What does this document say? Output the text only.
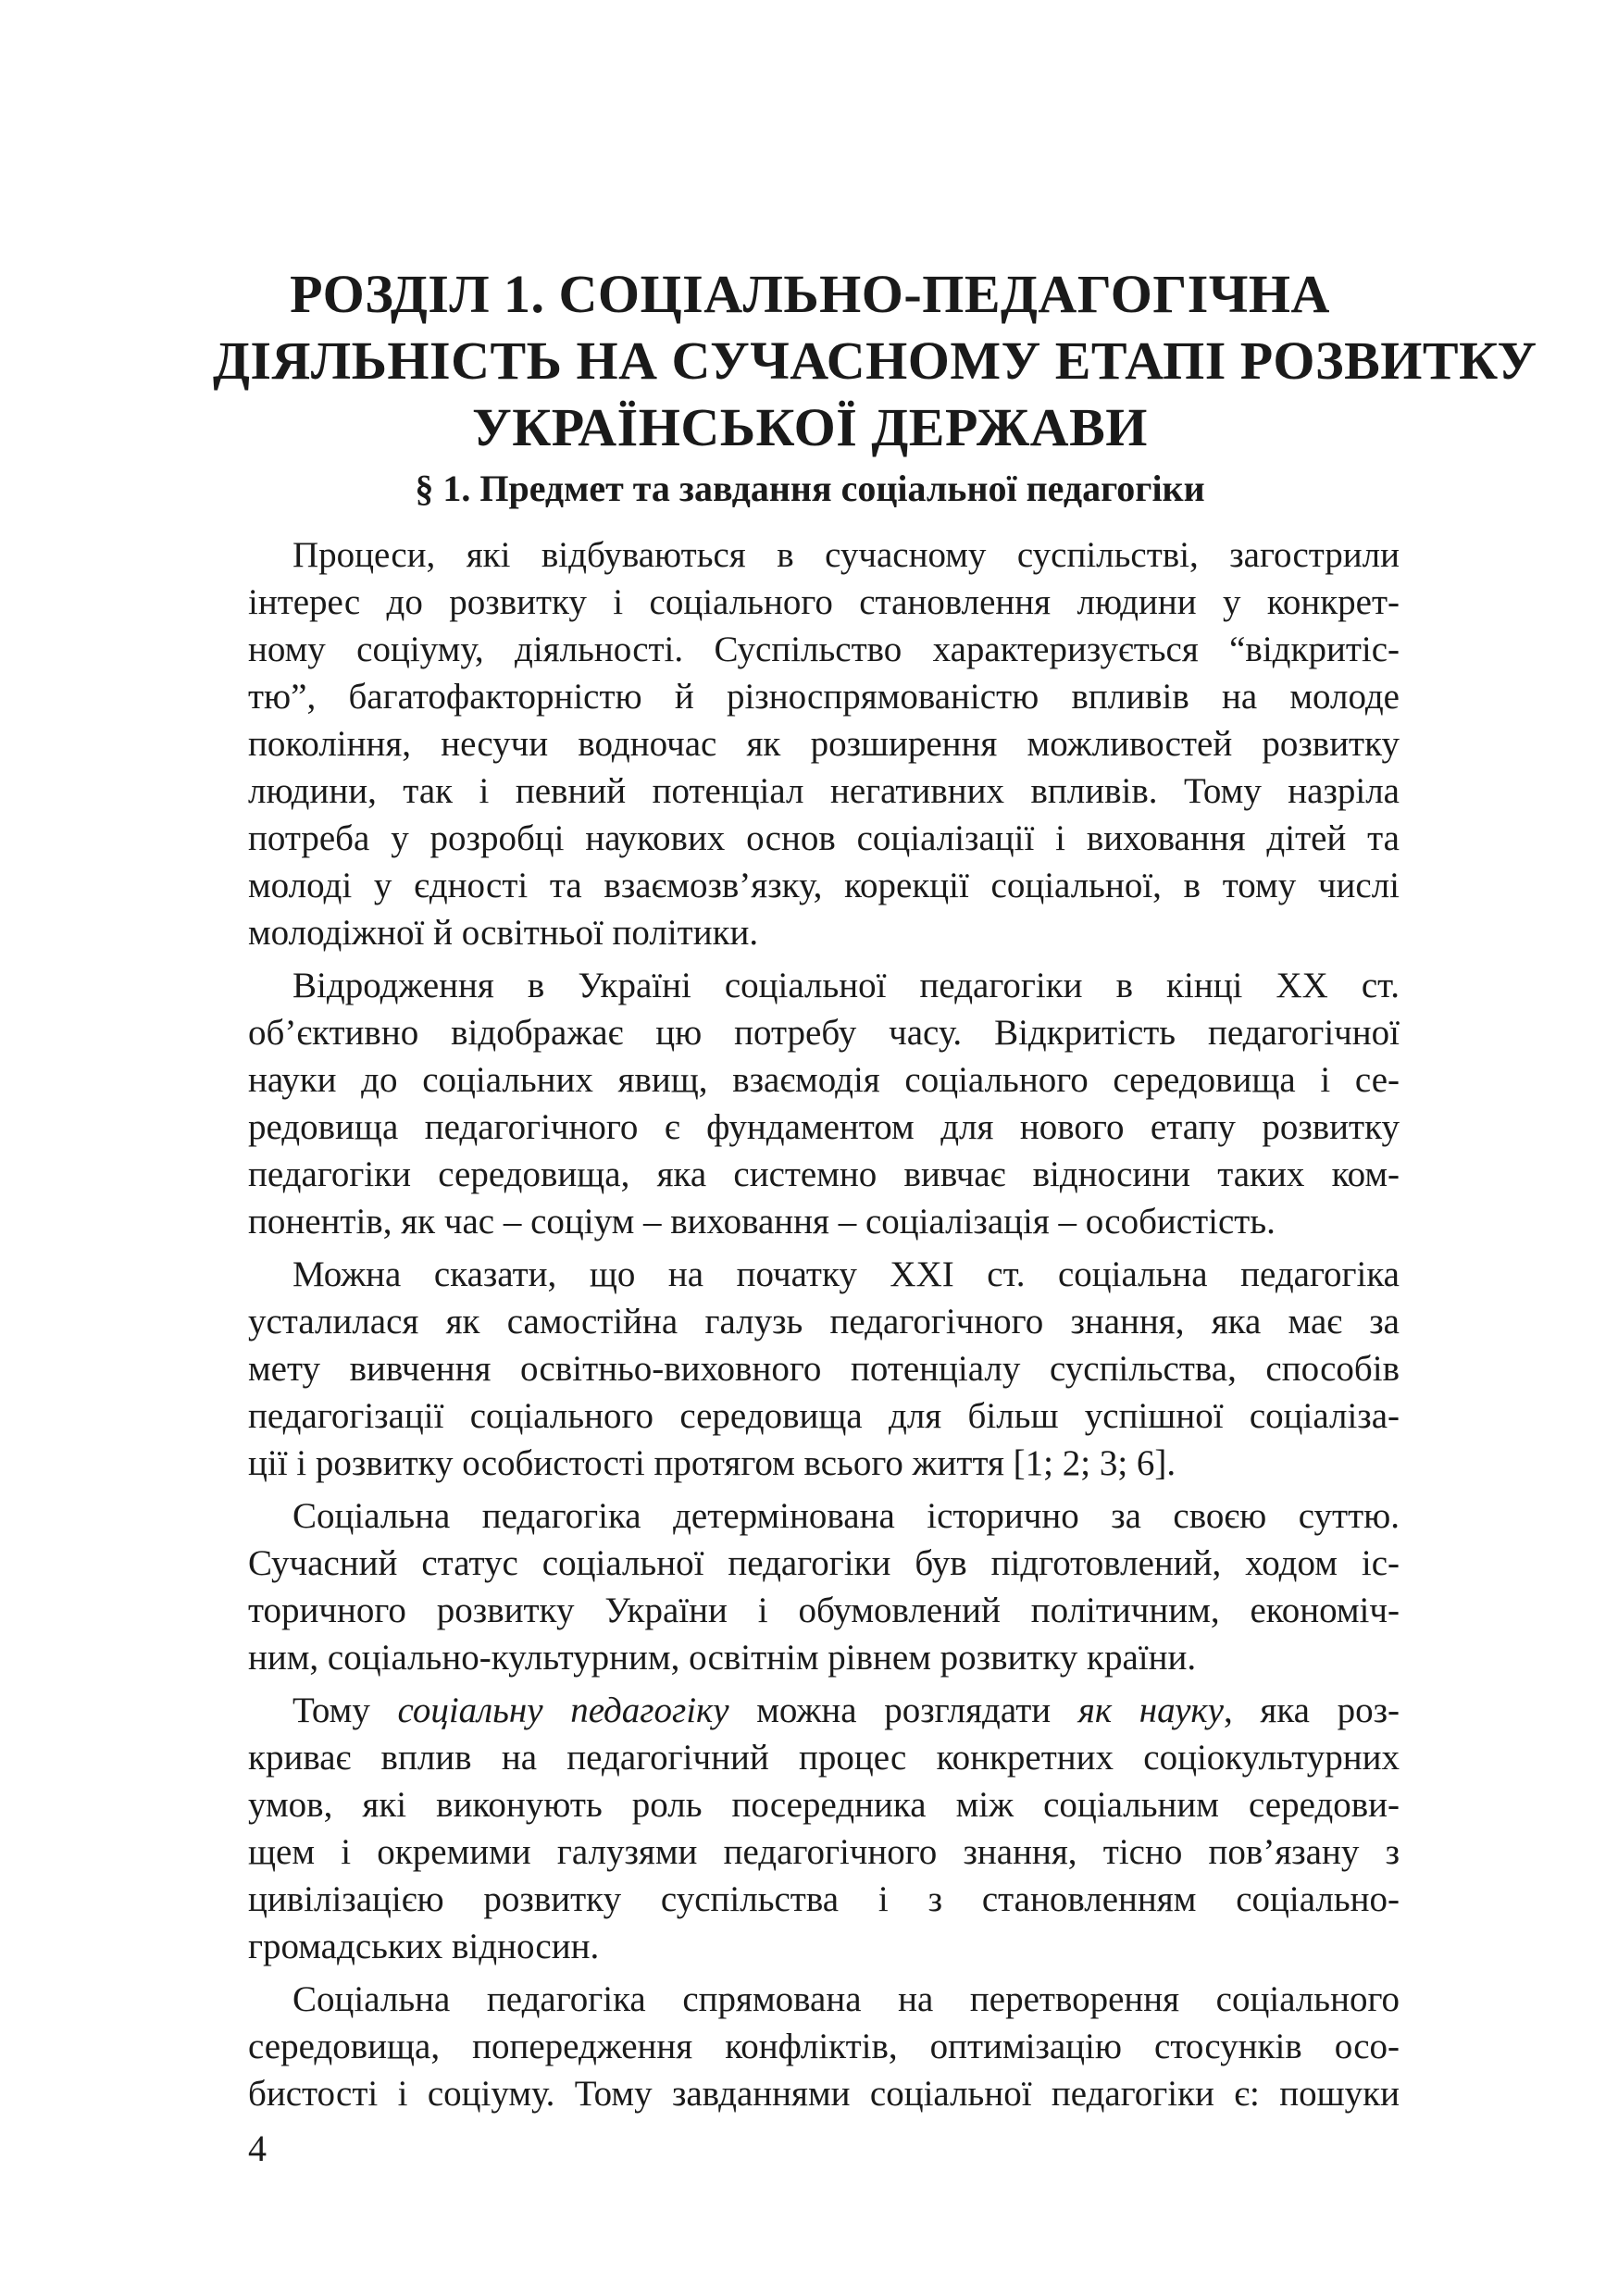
РОЗДІЛ 1. СОЦІАЛЬНО-ПЕДАГОГІЧНА
ДІЯЛЬНІСТЬ НА СУЧАСНОМУ ЕТАПІ РОЗВИТКУ
УКРАЇНСЬКОЇ ДЕРЖАВИ
§ 1. Предмет та завдання соціальної педагогіки

Процеси, які відбуваються в сучасному суспільстві, загострили
інтерес до розвитку і соціального становлення людини у конкрет-
ному соціуму, діяльності. Суспільство характеризується “відкритіс-
тю”, багатофакторністю й різноспрямованістю впливів на молоде
покоління, несучи водночас як розширення можливостей розвитку
людини, так і певний потенціал негативних впливів. Тому назріла
потреба у розробці наукових основ соціалізації і виховання дітей та
молоді у єдності та взаємозв’язку, корекції соціальної, в тому числі
молодіжної й освітньої політики.

Відродження в Україні соціальної педагогіки в кінці ХХ ст.
об’єктивно відображає цю потребу часу. Відкритість педагогічної
науки до соціальних явищ, взаємодія соціального середовища і се-
редовища педагогічного є фундаментом для нового етапу розвитку
педагогіки середовища, яка системно вивчає відносини таких ком-
понентів, як час – соціум – виховання – соціалізація – особистість.

Можна сказати, що на початку ХХІ ст. соціальна педагогіка
усталилася як самостійна галузь педагогічного знання, яка має за
мету вивчення освітньо-виховного потенціалу суспільства, способів
педагогізації соціального середовища для більш успішної соціаліза-
ції і розвитку особистості протягом всього життя [1; 2; 3; 6].

Соціальна педагогіка детермінована історично за своєю суттю.
Сучасний статус соціальної педагогіки був підготовлений, ходом іс-
торичного розвитку України і обумовлений політичним, економіч-
ним, соціально-культурним, освітнім рівнем розвитку країни.

Тому соціальну педагогіку можна розглядати як науку, яка роз-
криває вплив на педагогічний процес конкретних соціокультурних
умов, які виконують роль посередника між соціальним середови-
щем і окремими галузями педагогічного знання, тісно пов’язану з
цивілізацією розвитку суспільства і з становленням соціально-
громадських відносин.

Соціальна педагогіка спрямована на перетворення соціального
середовища, попередження конфліктів, оптимізацію стосунків осо-
бистості і соціуму. Тому завданнями соціальної педагогіки є: пошуки

4
